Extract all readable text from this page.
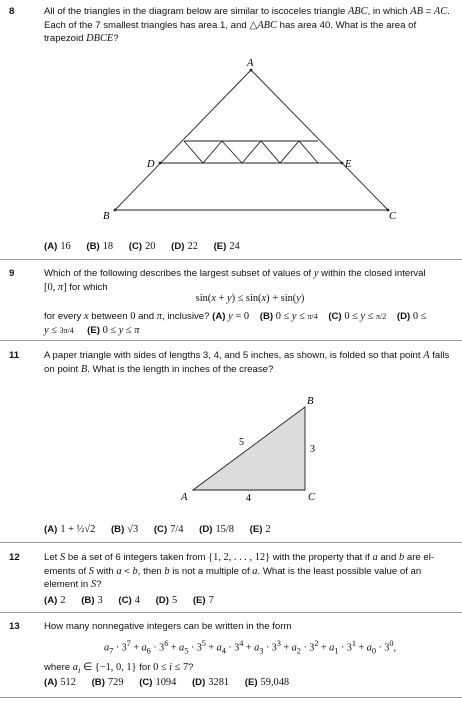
8	All of the triangles in the diagram below are similar to iscoceles triangle ABC, in which AB = AC. Each of the 7 smallest triangles has area 1, and △ABC has area 40. What is the area of trapezoid DBCE?
A
B	C
D	E
(A) 16 (B) 18 (C) 20 (D) 22 (E) 24
9	Which of the following describes the largest subset of values of y within the closed interval
[0, π] for which
sin(x + y) ≤ sin(x) + sin(y)
for every x between 0 and π, inclusive? (A) y = 0 (B) 0 ≤ y ≤ π/4 (C) 0 ≤ y ≤ π/2 (D) 0 ≤
y ≤ 3π/4 (E) 0 ≤ y ≤ π
11	A paper triangle with sides of lengths 3, 4, and 5 inches, as shown, is folded so that point A falls on point B. What is the length in inches of the crease?
A
B
C
5
3
4
(A) 1 + ½√2 (B) √3 (C) 7/4 (D) 15/8 (E) 2
12	Let S be a set of 6 integers taken from {1, 2, . . . , 12} with the property that if a and b are el- ements of S with a < b, then b is not a multiple of a. What is the least possible value of an element in S?
(A) 2 (B) 3 (C) 4 (D) 5 (E) 7
13	How many nonnegative integers can be written in the form
$a_7 \cdot 3^7 + a_6 \cdot 3^6 + a_5 \cdot 3^5 + a_4 \cdot 3^4 + a_3 \cdot 3^3 + a_2 \cdot 3^2 + a_1 \cdot 3^1 + a_0 \cdot 3^0$,
where $a_i$ ∈ {−1, 0, 1} for 0 ≤ i ≤ 7?
(A) 512 (B) 729 (C) 1094 (D) 3281 (E) 59,048
